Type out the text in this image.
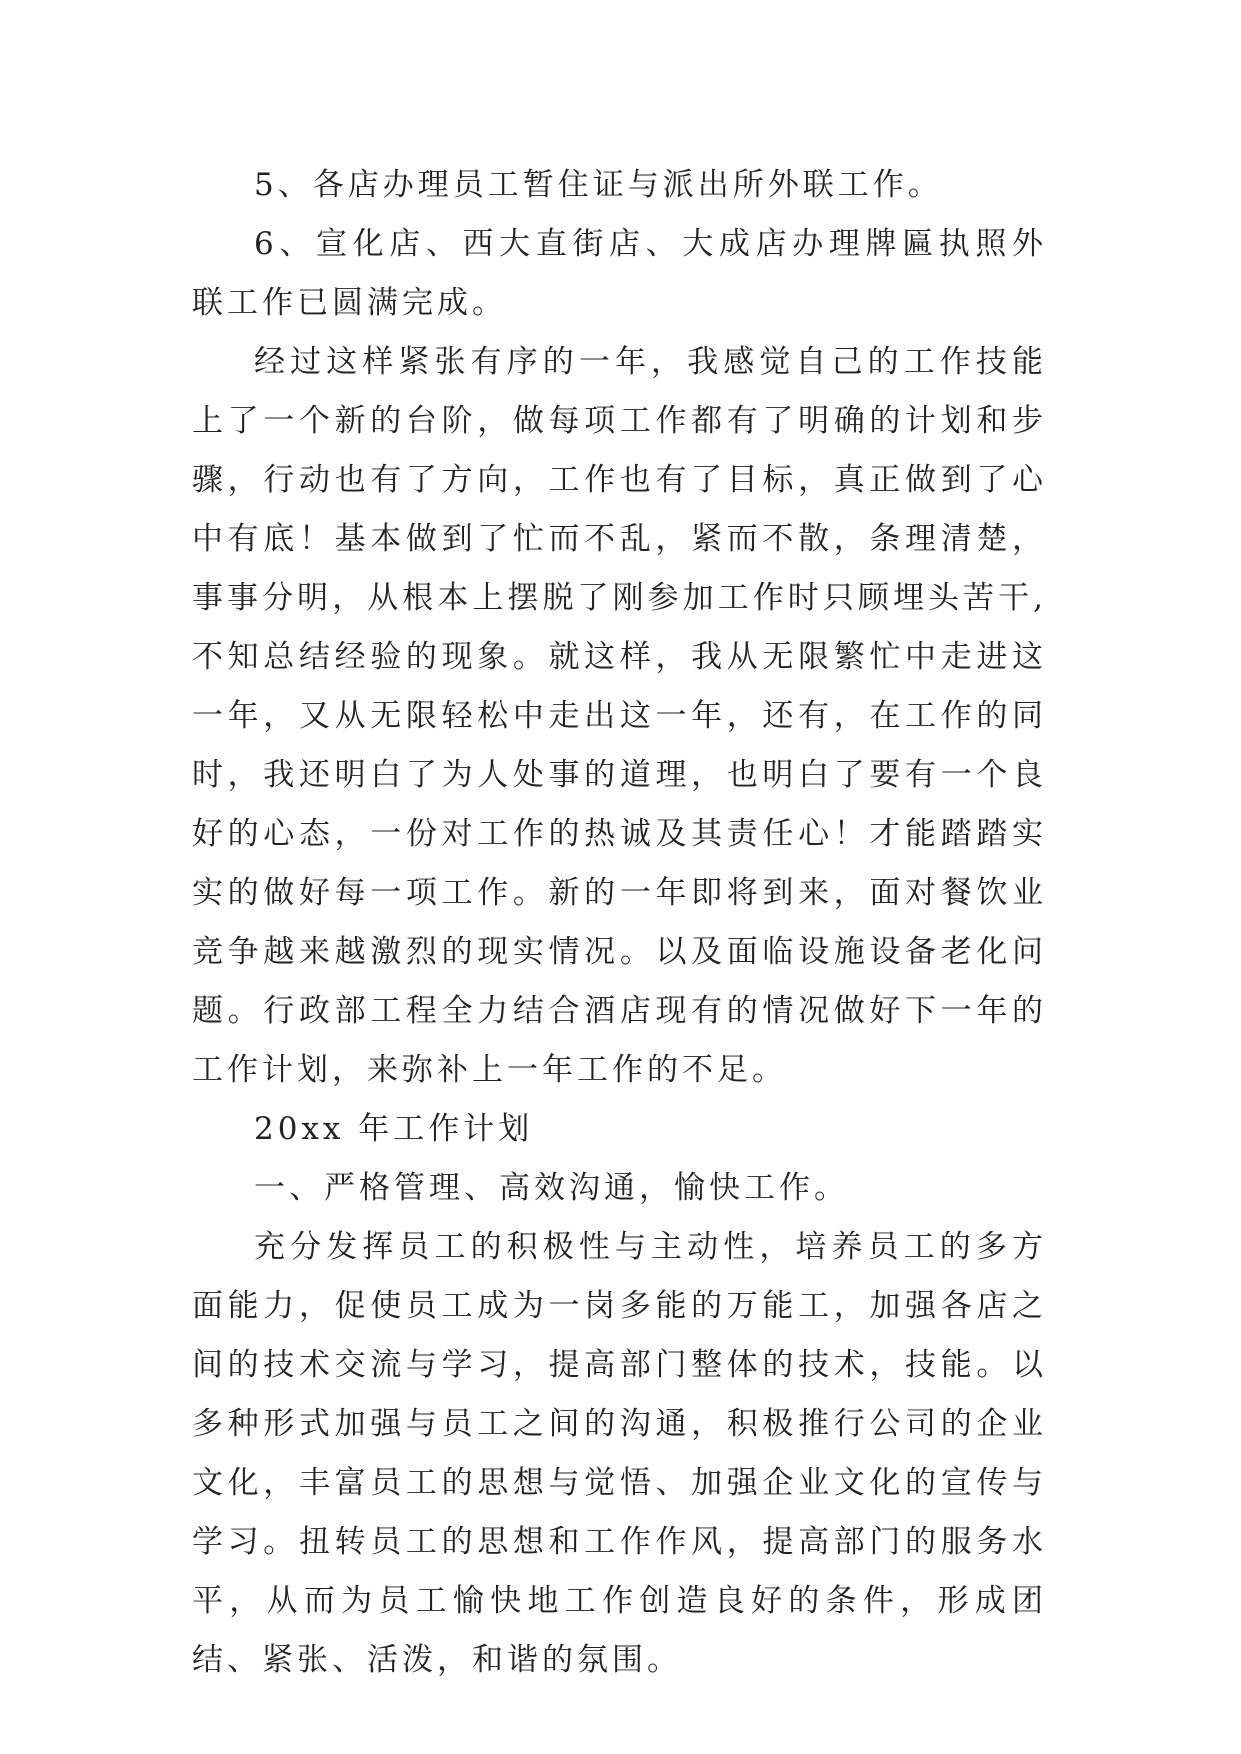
5、各店办理员工暂住证与派出所外联工作。

6、宣化店、西大直街店、大成店办理牌匾执照外联工作已圆满完成。

经过这样紧张有序的一年，我感觉自己的工作技能上了一个新的台阶，做每项工作都有了明确的计划和步骤，行动也有了方向，工作也有了目标，真正做到了心中有底！基本做到了忙而不乱，紧而不散，条理清楚，事事分明，从根本上摆脱了刚参加工作时只顾埋头苦干,不知总结经验的现象。就这样，我从无限繁忙中走进这一年，又从无限轻松中走出这一年，还有，在工作的同时，我还明白了为人处事的道理，也明白了要有一个良好的心态，一份对工作的热诚及其责任心！才能踏踏实实的做好每一项工作。新的一年即将到来，面对餐饮业竞争越来越激烈的现实情况。以及面临设施设备老化问题。行政部工程全力结合酒店现有的情况做好下一年的工作计划，来弥补上一年工作的不足。

20xx 年工作计划

一、严格管理、高效沟通，愉快工作。

充分发挥员工的积极性与主动性，培养员工的多方面能力，促使员工成为一岗多能的万能工，加强各店之间的技术交流与学习，提高部门整体的技术，技能。以多种形式加强与员工之间的沟通，积极推行公司的企业文化，丰富员工的思想与觉悟、加强企业文化的宣传与学习。扭转员工的思想和工作作风，提高部门的服务水平，从而为员工愉快地工作创造良好的条件，形成团结、紧张、活泼，和谐的氛围。
